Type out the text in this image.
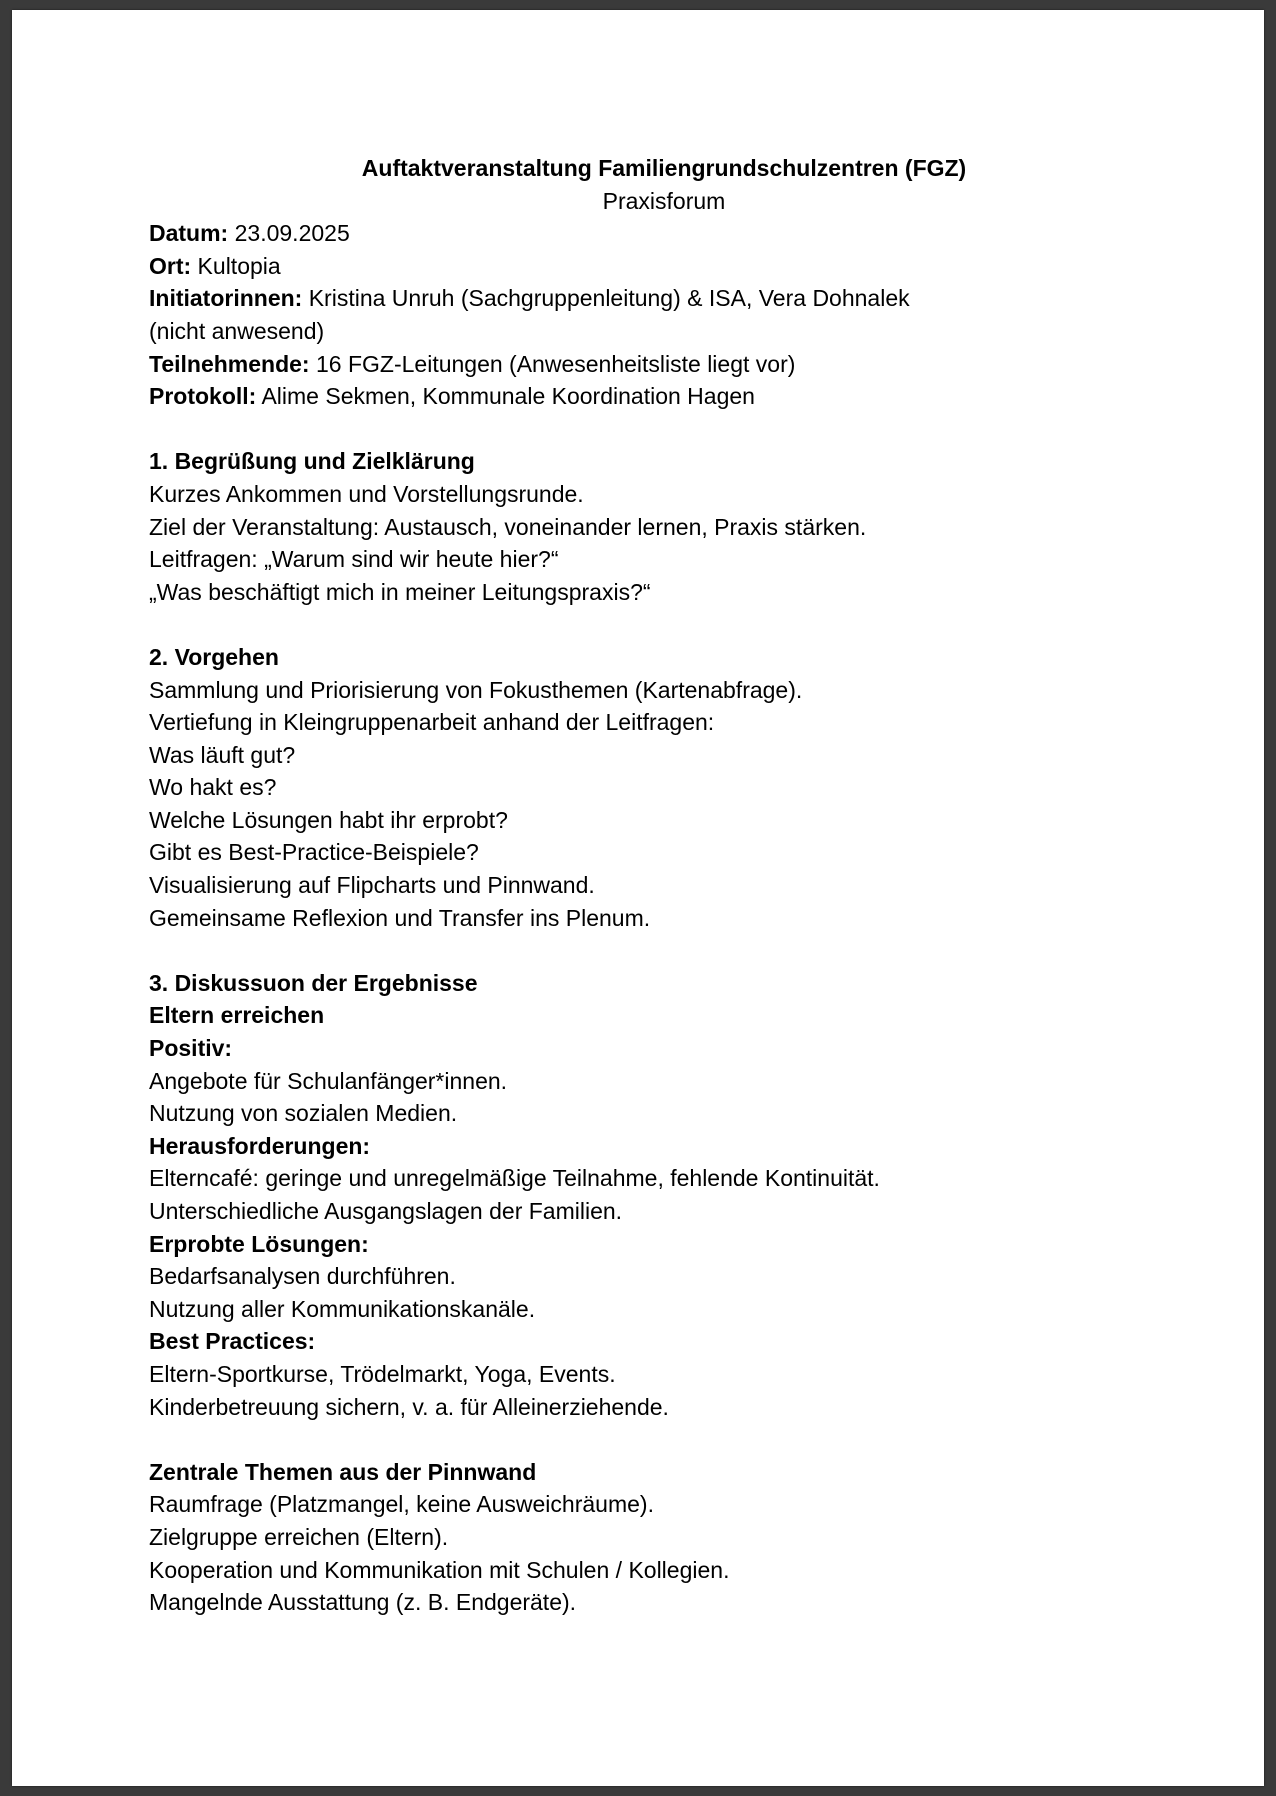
Auftaktveranstaltung Familiengrundschulzentren (FGZ)
Praxisforum
Datum: 23.09.2025
Ort: Kultopia
Initiatorinnen: Kristina Unruh (Sachgruppenleitung) & ISA, Vera Dohnalek
(nicht anwesend)
Teilnehmende: 16 FGZ-Leitungen (Anwesenheitsliste liegt vor)
Protokoll: Alime Sekmen, Kommunale Koordination Hagen
1. Begrüßung und Zielklärung
Kurzes Ankommen und Vorstellungsrunde.
Ziel der Veranstaltung: Austausch, voneinander lernen, Praxis stärken.
Leitfragen: „Warum sind wir heute hier?“
„Was beschäftigt mich in meiner Leitungspraxis?“
2. Vorgehen
Sammlung und Priorisierung von Fokusthemen (Kartenabfrage).
Vertiefung in Kleingruppenarbeit anhand der Leitfragen:
Was läuft gut?
Wo hakt es?
Welche Lösungen habt ihr erprobt?
Gibt es Best-Practice-Beispiele?
Visualisierung auf Flipcharts und Pinnwand.
Gemeinsame Reflexion und Transfer ins Plenum.
3. Diskussuon der Ergebnisse
Eltern erreichen
Positiv:
Angebote für Schulanfänger*innen.
Nutzung von sozialen Medien.
Herausforderungen:
Elterncafé: geringe und unregelmäßige Teilnahme, fehlende Kontinuität.
Unterschiedliche Ausgangslagen der Familien.
Erprobte Lösungen:
Bedarfsanalysen durchführen.
Nutzung aller Kommunikationskanäle.
Best Practices:
Eltern-Sportkurse, Trödelmarkt, Yoga, Events.
Kinderbetreuung sichern, v. a. für Alleinerziehende.
Zentrale Themen aus der Pinnwand
Raumfrage (Platzmangel, keine Ausweichräume).
Zielgruppe erreichen (Eltern).
Kooperation und Kommunikation mit Schulen / Kollegien.
Mangelnde Ausstattung (z. B. Endgeräte).
